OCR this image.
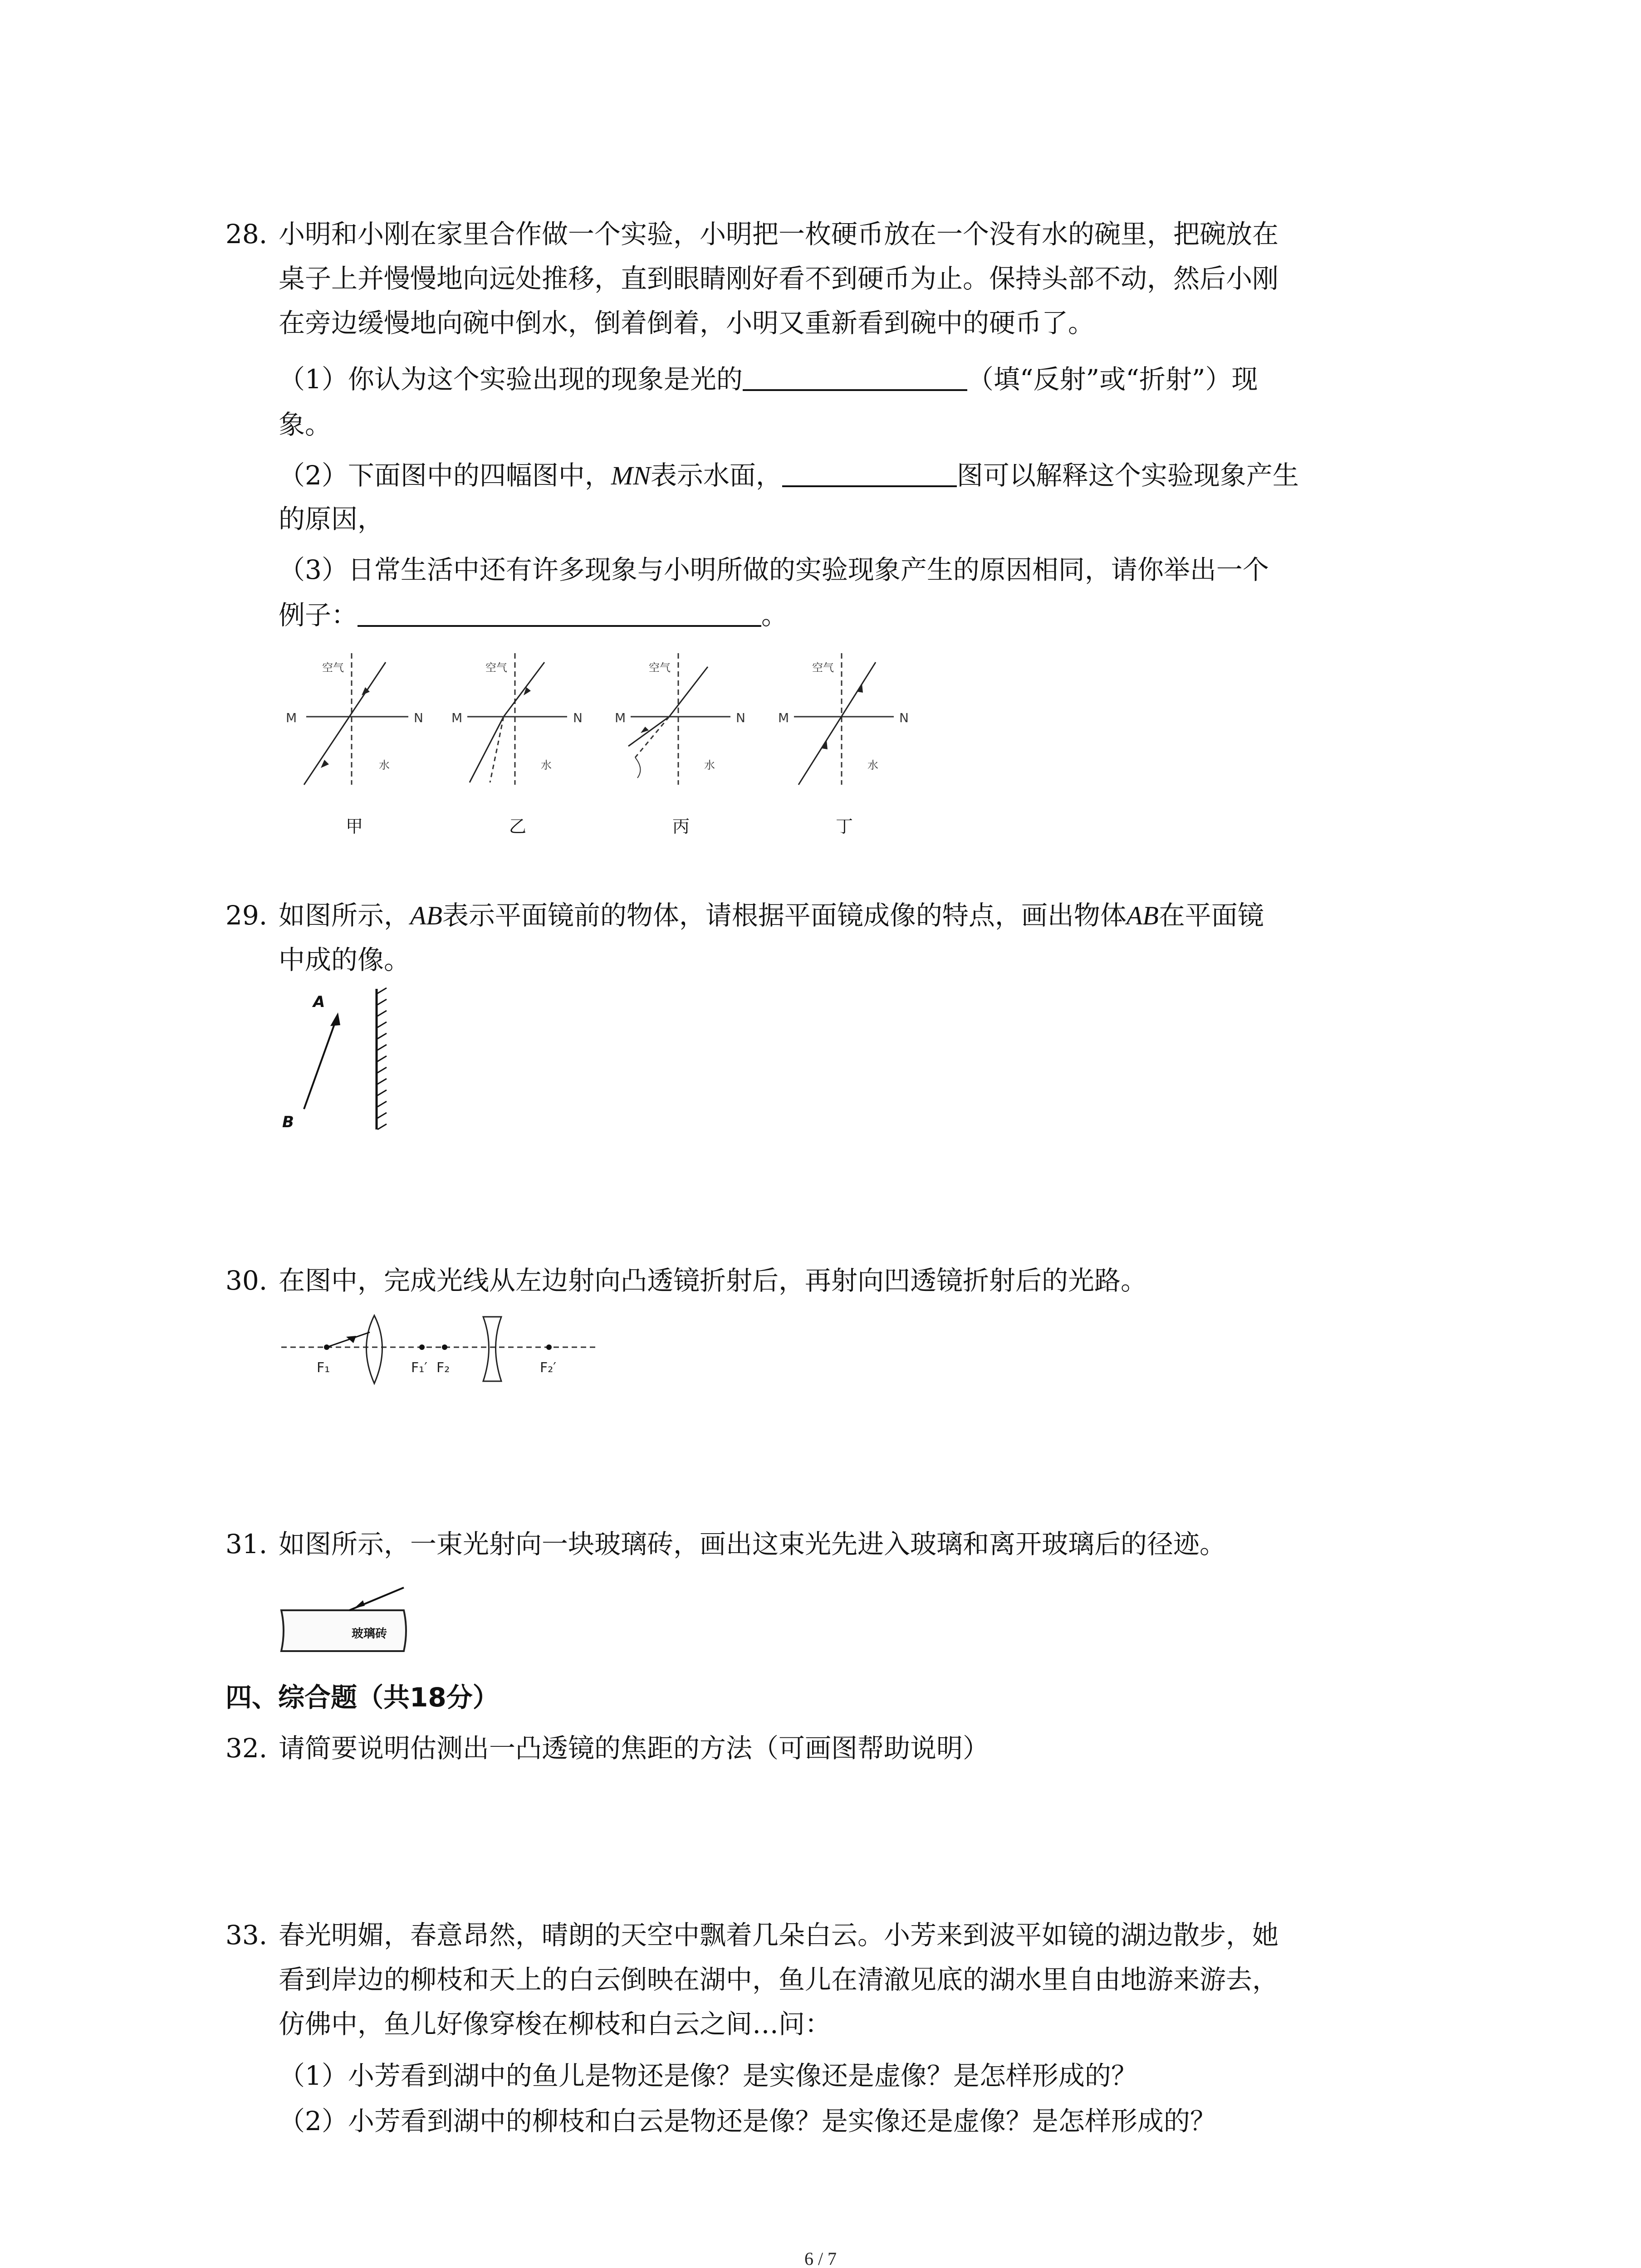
28. 小明和小刚在家里合作做一个实验，小明把一枚硬币放在一个没有水的碗里，把碗放在
桌子上并慢慢地向远处推移，直到眼睛刚好看不到硬币为止。保持头部不动，然后小刚
在旁边缓慢地向碗中倒水，倒着倒着，小明又重新看到碗中的硬币了。
（1）你认为这个实验出现的现象是光的	（填“反射”或“折射”）现
象。
（2）下面图中的四幅图中，MN表示水面，	图可以解释这个实验现象产生
的原因，
（3）日常生活中还有许多现象与小明所做的实验现象产生的原因相同，请你举出一个
例子：	。
M	N
空气
水
甲
M	N
空气
水
乙
M	N
空气
水
丙
M	N
空气
水
丁
29. 如图所示，AB表示平面镜前的物体，请根据平面镜成像的特点，画出物体AB在平面镜
中成的像。
A
B
30. 在图中，完成光线从左边射向凸透镜折射后，再射向凹透镜折射后的光路。
F₁	F₁′ F₂	F₂′
31. 如图所示，一束光射向一块玻璃砖，画出这束光先进入玻璃和离开玻璃后的径迹。
玻璃砖
四、综合题（共18分）
32. 请简要说明估测出一凸透镜的焦距的方法（可画图帮助说明）
33. 春光明媚，春意昂然，晴朗的天空中飘着几朵白云。小芳来到波平如镜的湖边散步，她
看到岸边的柳枝和天上的白云倒映在湖中，鱼儿在清澈见底的湖水里自由地游来游去，
仿佛中，鱼儿好像穿梭在柳枝和白云之间…问：
（1）小芳看到湖中的鱼儿是物还是像？是实像还是虚像？是怎样形成的？
（2）小芳看到湖中的柳枝和白云是物还是像？是实像还是虚像？是怎样形成的？
6 / 7
